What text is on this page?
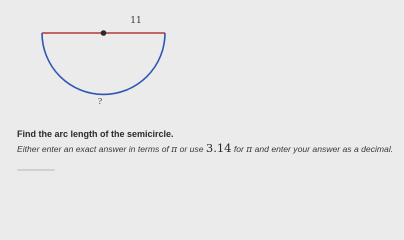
11
?

Find the arc length of the semicircle.

Either enter an exact answer in terms of π or use 3.14 for π and enter your answer as a decimal.
